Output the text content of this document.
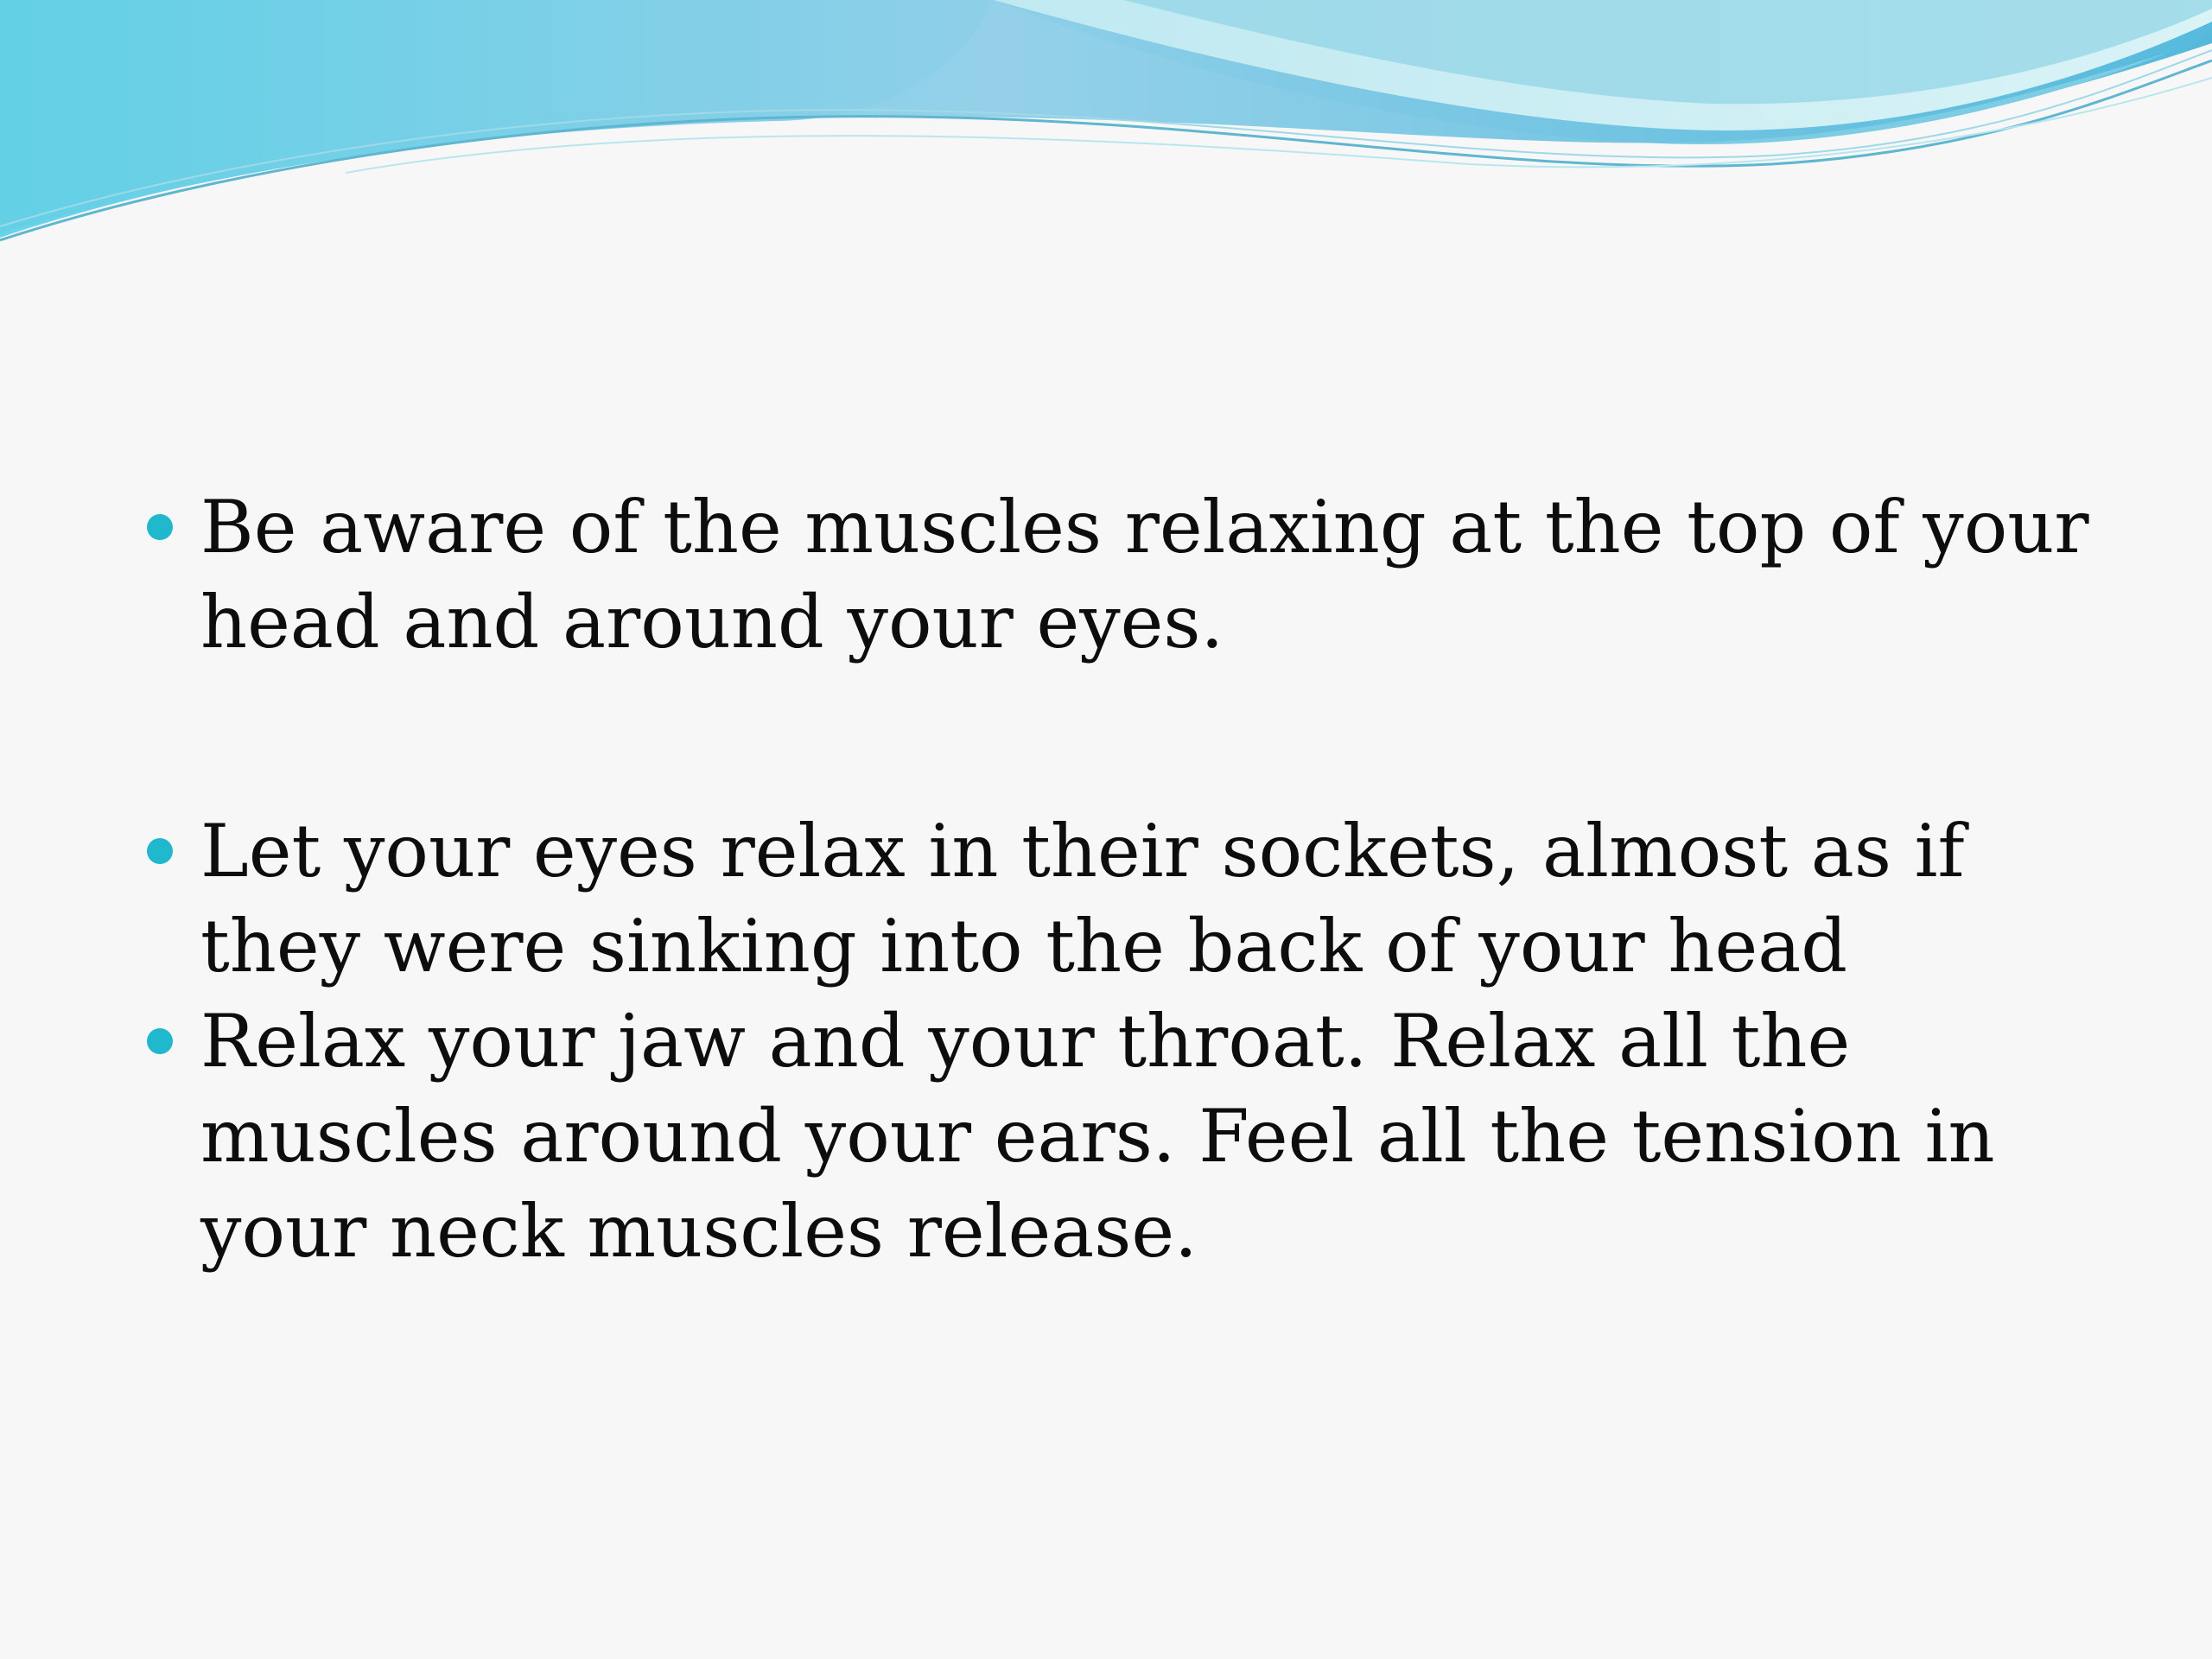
Be aware of the muscles relaxing at the top of your head and around your eyes.
Let your eyes relax in their sockets, almost as if they were sinking into the back of your head
Relax your jaw and your throat. Relax all the muscles around your ears. Feel all the tension in your neck muscles release.
